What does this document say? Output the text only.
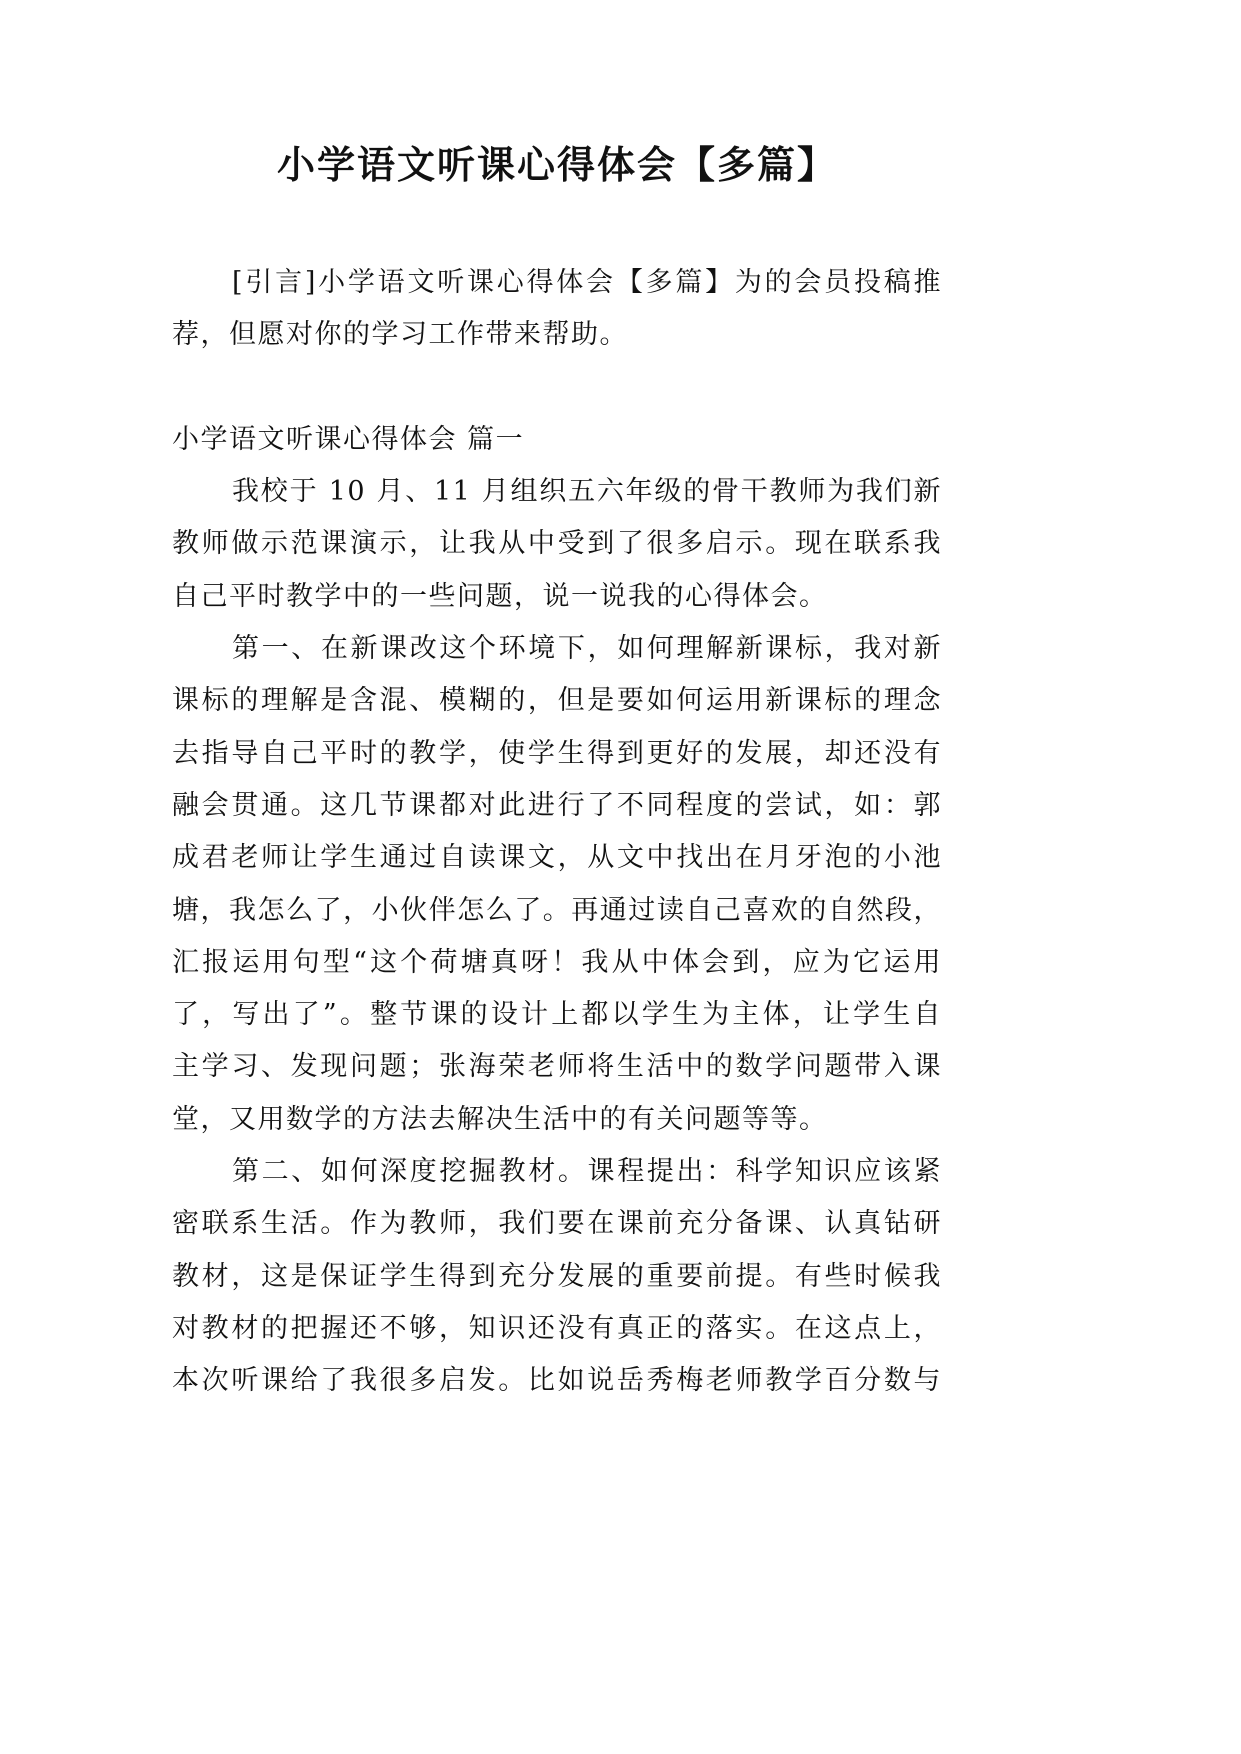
小学语文听课心得体会【多篇】
[引言]小学语文听课心得体会【多篇】为的会员投稿推
荐，但愿对你的学习工作带来帮助。
小学语文听课心得体会 篇一
我校于 10 月、11 月组织五六年级的骨干教师为我们新
教师做示范课演示，让我从中受到了很多启示。现在联系我
自己平时教学中的一些问题，说一说我的心得体会。
第一、在新课改这个环境下，如何理解新课标，我对新
课标的理解是含混、模糊的，但是要如何运用新课标的理念
去指导自己平时的教学，使学生得到更好的发展，却还没有
融会贯通。这几节课都对此进行了不同程度的尝试，如：郭
成君老师让学生通过自读课文，从文中找出在月牙泡的小池
塘，我怎么了，小伙伴怎么了。再通过读自己喜欢的自然段，
汇报运用句型“这个荷塘真呀！我从中体会到，应为它运用
了，写出了”。整节课的设计上都以学生为主体，让学生自
主学习、发现问题；张海荣老师将生活中的数学问题带入课
堂，又用数学的方法去解决生活中的有关问题等等。
第二、如何深度挖掘教材。课程提出：科学知识应该紧
密联系生活。作为教师，我们要在课前充分备课、认真钻研
教材，这是保证学生得到充分发展的重要前提。有些时候我
对教材的把握还不够，知识还没有真正的落实。在这点上，
本次听课给了我很多启发。比如说岳秀梅老师教学百分数与
